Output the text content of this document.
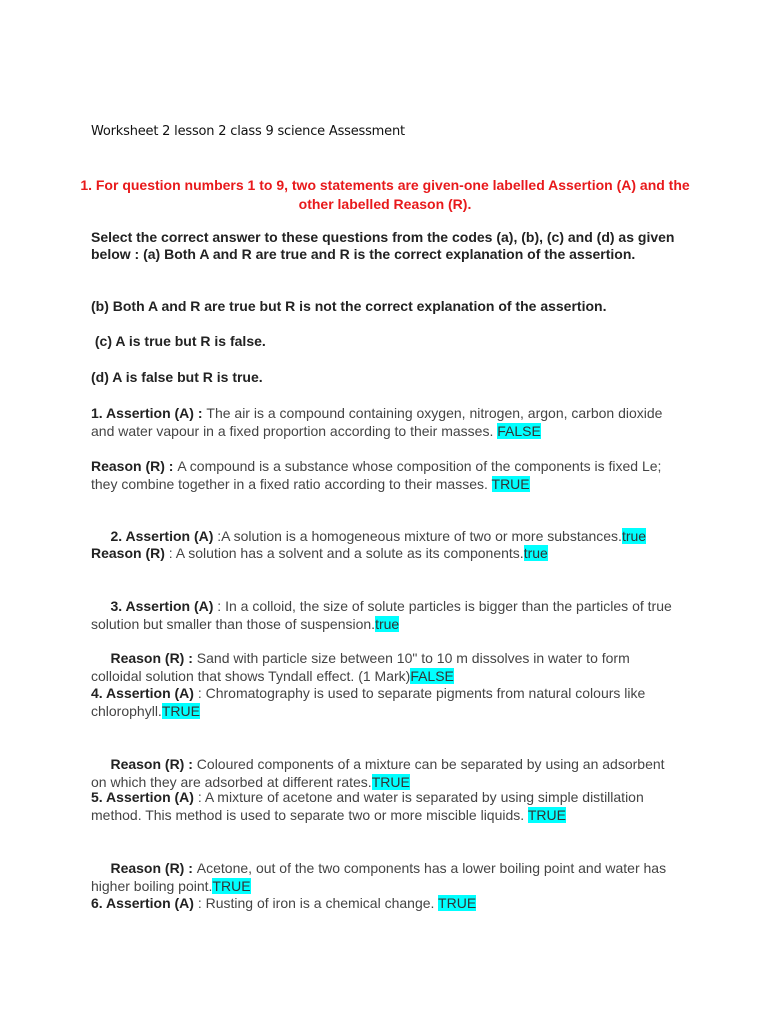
Worksheet 2 lesson 2 class 9 science Assessment
1. For question numbers 1 to 9, two statements are given-one labelled Assertion (A) and the other labelled Reason (R).
Select the correct answer to these questions from the codes (a), (b), (c) and (d) as given below : (a) Both A and R are true and R is the correct explanation of the assertion.
(b) Both A and R are true but R is not the correct explanation of the assertion.
(c) A is true but R is false.
(d) A is false but R is true.
1. Assertion (A) : The air is a compound containing oxygen, nitrogen, argon, carbon dioxide and water vapour in a fixed proportion according to their masses. FALSE
Reason (R) : A compound is a substance whose composition of the components is fixed Le; they combine together in a fixed ratio according to their masses. TRUE

2. Assertion (A) :A solution is a homogeneous mixture of two or more substances.true

Reason (R) : A solution has a solvent and a solute as its components.true

3. Assertion (A) : In a colloid, the size of solute particles is bigger than the particles of true solution but smaller than those of suspension.true

Reason (R) : Sand with particle size between 10" to 10 m dissolves in water to form colloidal solution that shows Tyndall effect. (1 Mark)FALSE

4. Assertion (A) : Chromatography is used to separate pigments from natural colours like chlorophyll.TRUE

Reason (R) : Coloured components of a mixture can be separated by using an adsorbent on which they are adsorbed at different rates.TRUE

5. Assertion (A) : A mixture of acetone and water is separated by using simple distillation method. This method is used to separate two or more miscible liquids. TRUE

Reason (R) : Acetone, out of the two components has a lower boiling point and water has higher boiling point.TRUE

6. Assertion (A) : Rusting of iron is a chemical change. TRUE
